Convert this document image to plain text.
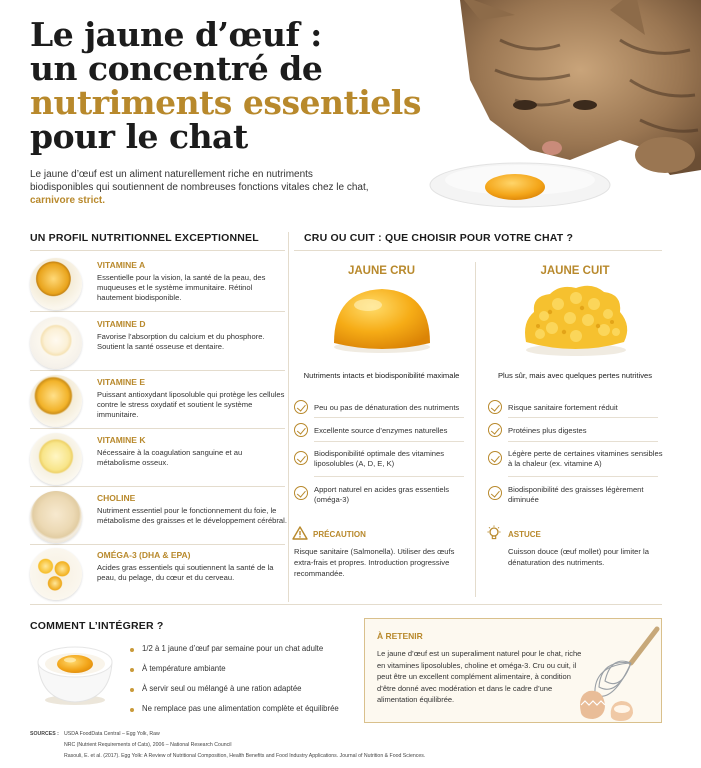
Le jaune d’œuf :
un concentré de
nutriments essentiels
pour le chat

Le jaune d’œuf est un aliment naturellement riche en nutriments biodisponibles qui soutiennent de nombreuses fonctions vitales chez le chat, carnivore strict.

UN PROFIL NUTRITIONNEL EXCEPTIONNEL
VITAMINE A
Essentielle pour la vision, la santé de la peau, des muqueuses et le système immunitaire. Rétinol hautement biodisponible.
VITAMINE D
Favorise l’absorption du calcium et du phosphore. Soutient la santé osseuse et dentaire.
VITAMINE E
Puissant antioxydant liposoluble qui protège les cellules contre le stress oxydatif et soutient le système immunitaire.
VITAMINE K
Nécessaire à la coagulation sanguine et au métabolisme osseux.
CHOLINE
Nutriment essentiel pour le fonctionnement du foie, le métabolisme des graisses et le développement cérébral.
OMÉGA-3 (DHA & EPA)
Acides gras essentiels qui soutiennent la santé de la peau, du pelage, du cœur et du cerveau.
CRU OU CUIT : QUE CHOISIR POUR VOTRE CHAT ?
JAUNE CRU
Nutriments intacts et biodisponibilité maximale
Peu ou pas de dénaturation des nutriments
Excellente source d’enzymes naturelles
Biodisponibilité optimale des vitamines liposolubles (A, D, E, K)
Apport naturel en acides gras essentiels (oméga-3)
PRÉCAUTION
Risque sanitaire (Salmonella). Utiliser des œufs extra-frais et propres. Introduction progressive recommandée.
JAUNE CUIT
Plus sûr, mais avec quelques pertes nutritives
Risque sanitaire fortement réduit
Protéines plus digestes
Légère perte de certaines vitamines sensibles à la chaleur (ex. vitamine A)
Biodisponibilité des graisses légèrement diminuée
ASTUCE
Cuisson douce (œuf mollet) pour limiter la dénaturation des nutriments.
COMMENT L’INTÉGRER ?
1/2 à 1 jaune d’œuf par semaine pour un chat adulte
À température ambiante
À servir seul ou mélangé à une ration adaptée
Ne remplace pas une alimentation complète et équilibrée
À RETENIR
Le jaune d’œuf est un superaliment naturel pour le chat, riche en vitamines liposolubles, choline et oméga-3. Cru ou cuit, il peut être un excellent complément alimentaire, à condition d’être donné avec modération et dans le cadre d’une alimentation équilibrée.
SOURCES : USDA FoodData Central – Egg Yolk, Raw
NRC (Nutrient Requirements of Cats), 2006 – National Research Council
Rasouli, E. et al. (2017). Egg Yolk: A Review of Nutritional Composition, Health Benefits and Food Industry Applications. Journal of Nutrition & Food Sciences.
